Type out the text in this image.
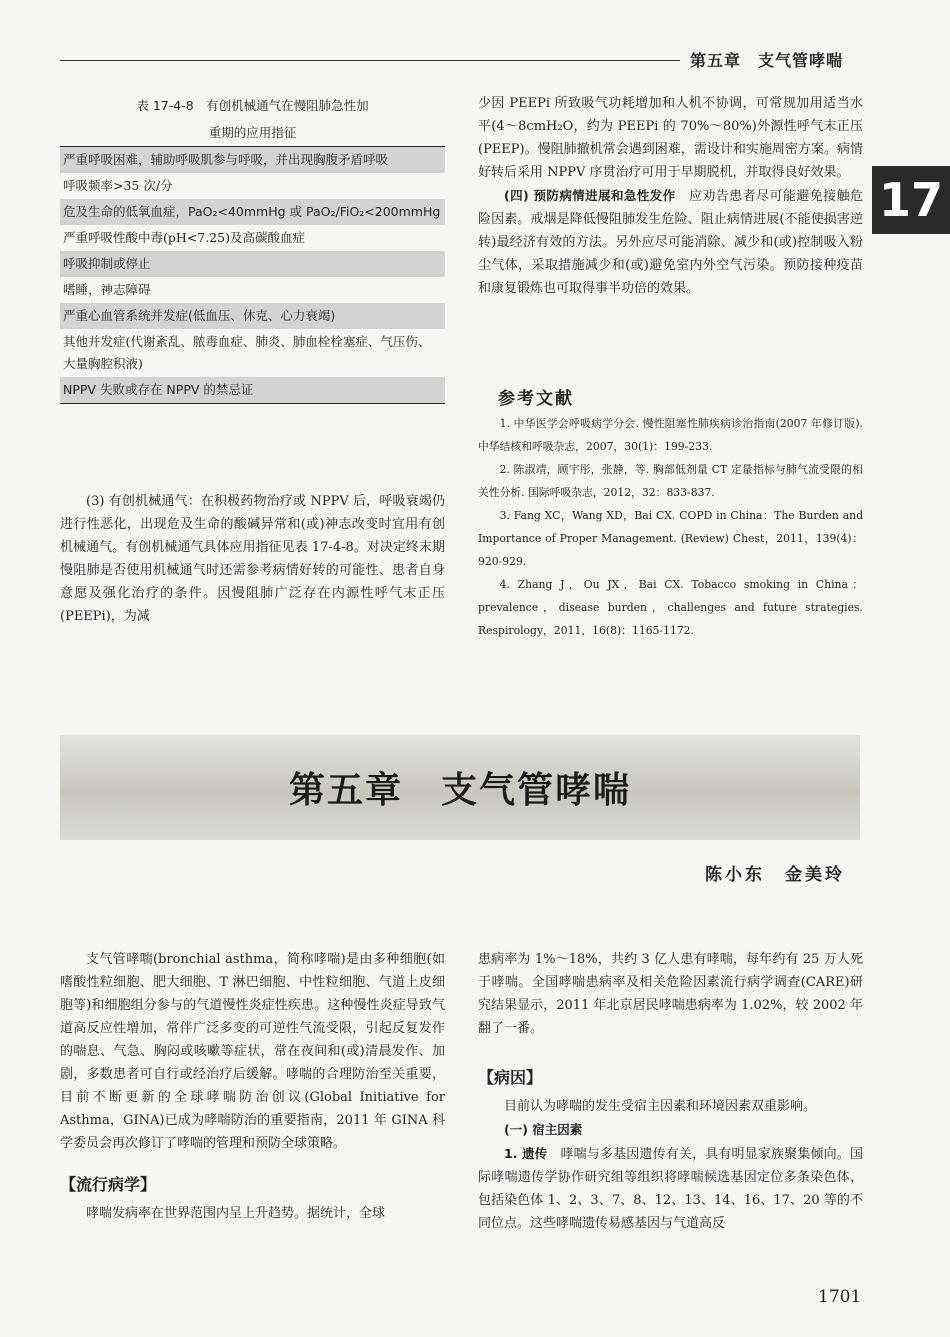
第五章　支气管哮喘
17
表 17-4-8　有创机械通气在慢阻肺急性加
重期的应用指征
严重呼吸困难，辅助呼吸肌参与呼吸，并出现胸腹矛盾呼吸
呼吸频率>35 次/分
危及生命的低氧血症，PaO₂<40mmHg 或 PaO₂/FiO₂<200mmHg
严重呼吸性酸中毒(pH<7.25)及高碳酸血症
呼吸抑制或停止
嗜睡，神志障碍
严重心血管系统并发症(低血压、休克、心力衰竭)
其他并发症(代谢紊乱、脓毒血症、肺炎、肺血栓栓塞症、气压伤、大量胸腔积液)
NPPV 失败或存在 NPPV 的禁忌证

(3) 有创机械通气：在积极药物治疗或 NPPV 后，呼吸衰竭仍进行性恶化，出现危及生命的酸碱异常和(或)神志改变时宜用有创机械通气。有创机械通气具体应用指征见表 17-4-8。对决定终末期慢阻肺是否使用机械通气时还需参考病情好转的可能性、患者自身意愿及强化治疗的条件。因慢阻肺广泛存在内源性呼气末正压(PEEPi)，为减

少因 PEEPi 所致吸气功耗增加和人机不协调，可常规加用适当水平(4～8cmH₂O，约为 PEEPi 的 70%～80%)外源性呼气末正压(PEEP)。慢阻肺撤机常会遇到困难，需设计和实施周密方案。病情好转后采用 NPPV 序贯治疗可用于早期脱机，并取得良好效果。

(四) 预防病情进展和急性发作　应劝告患者尽可能避免接触危险因素。戒烟是降低慢阻肺发生危险、阻止病情进展(不能使损害逆转)最经济有效的方法。另外应尽可能消除、减少和(或)控制吸入粉尘气体，采取措施减少和(或)避免室内外空气污染。预防接种疫苗和康复锻炼也可取得事半功倍的效果。

参考文献
1. 中华医学会呼吸病学分会. 慢性阻塞性肺疾病诊治指南(2007 年修订版). 中华结核和呼吸杂志，2007，30(1)：199-233.
2. 陈淑靖，顾宇彤，张静，等. 胸部低剂量 CT 定量指标与肺气流受限的相关性分析. 国际呼吸杂志，2012，32：833-837.
3. Fang XC，Wang XD，Bai CX. COPD in China：The Burden and Importance of Proper Management. (Review) Chest，2011，139(4)：920-929.
4. Zhang J，Ou JX，Bai CX. Tobacco smoking in China：prevalence，disease burden，challenges and future strategies. Respirology，2011，16(8)：1165-1172.
第五章　支气管哮喘
陈小东　金美玲

支气管哮喘(bronchial asthma，简称哮喘)是由多种细胞(如嗜酸性粒细胞、肥大细胞、T 淋巴细胞、中性粒细胞、气道上皮细胞等)和细胞组分参与的气道慢性炎症性疾患。这种慢性炎症导致气道高反应性增加，常伴广泛多变的可逆性气流受限，引起反复发作的喘息、气急、胸闷或咳嗽等症状，常在夜间和(或)清晨发作、加剧，多数患者可自行或经治疗后缓解。哮喘的合理防治至关重要，目前不断更新的全球哮喘防治创议(Global Initiative for Asthma，GINA)已成为哮喘防治的重要指南，2011 年 GINA 科学委员会再次修订了哮喘的管理和预防全球策略。

【流行病学】

哮喘发病率在世界范围内呈上升趋势。据统计，全球

患病率为 1%～18%，共约 3 亿人患有哮喘，每年约有 25 万人死于哮喘。全国哮喘患病率及相关危险因素流行病学调查(CARE)研究结果显示，2011 年北京居民哮喘患病率为 1.02%，较 2002 年翻了一番。

【病因】

目前认为哮喘的发生受宿主因素和环境因素双重影响。

(一) 宿主因素

1. 遗传　哮喘与多基因遗传有关，具有明显家族聚集倾向。国际哮喘遗传学协作研究组等组织将哮喘候选基因定位多条染色体，包括染色体 1、2、3、7、8、12、13、14、16、17、20 等的不同位点。这些哮喘遗传易感基因与气道高反

1701
